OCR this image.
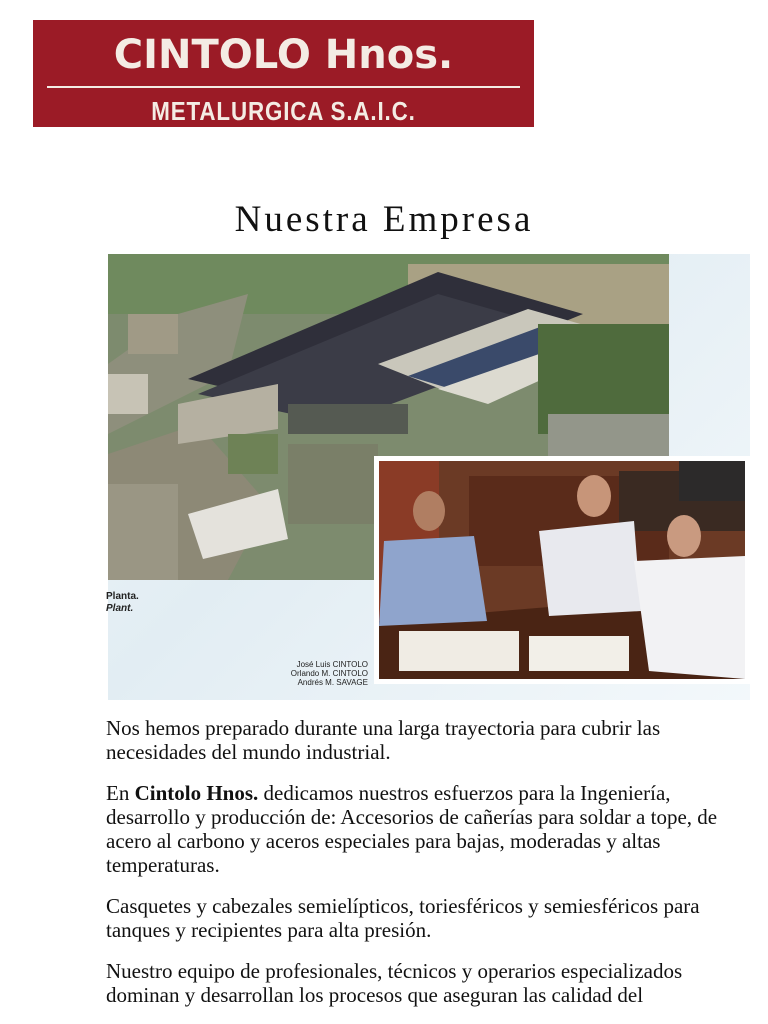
CINTOLO Hnos.
METALURGICA S.A.I.C.
Nuestra Empresa
Planta.
Plant.
José Luis CINTOLO
Orlando M. CINTOLO
Andrés M. SAVAGE

Nos hemos preparado durante una larga trayectoria para cubrir las necesidades del mundo industrial.

En Cintolo Hnos. dedicamos nuestros esfuerzos para la Ingeniería, desarrollo y producción de: Accesorios de cañerías para soldar a tope, de acero al carbono y aceros especiales para bajas, moderadas y altas temperaturas.

Casquetes y cabezales semielípticos, toriesféricos y semiesféricos para tanques y recipientes para alta presión.

Nuestro equipo de profesionales, técnicos y operarios especializados dominan y desarrollan los procesos que aseguran las calidad del
